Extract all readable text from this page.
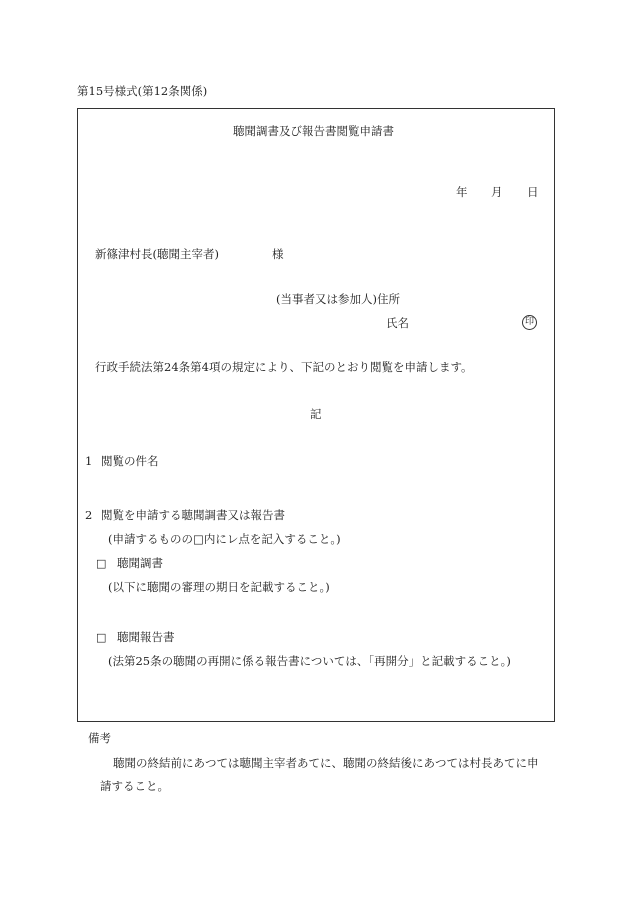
第15号様式(第12条関係)
聴聞調書及び報告書閲覧申請書
年 月 日
新篠津村長(聴聞主宰者)	様
(当事者又は参加人)住所
氏名	印
行政手続法第24条第4項の規定により、下記のとおり閲覧を申請します。
記
1 閲覧の件名
2 閲覧を申請する聴聞調書又は報告書
(申請するものの□内にレ点を記入すること。)
□ 聴聞調書
(以下に聴聞の審理の期日を記載すること。)
□ 聴聞報告書
(法第25条の聴聞の再開に係る報告書については、「再開分」と記載すること。)
備考
聴聞の終結前にあつては聴聞主宰者あてに、聴聞の終結後にあつては村長あてに申
請すること。
